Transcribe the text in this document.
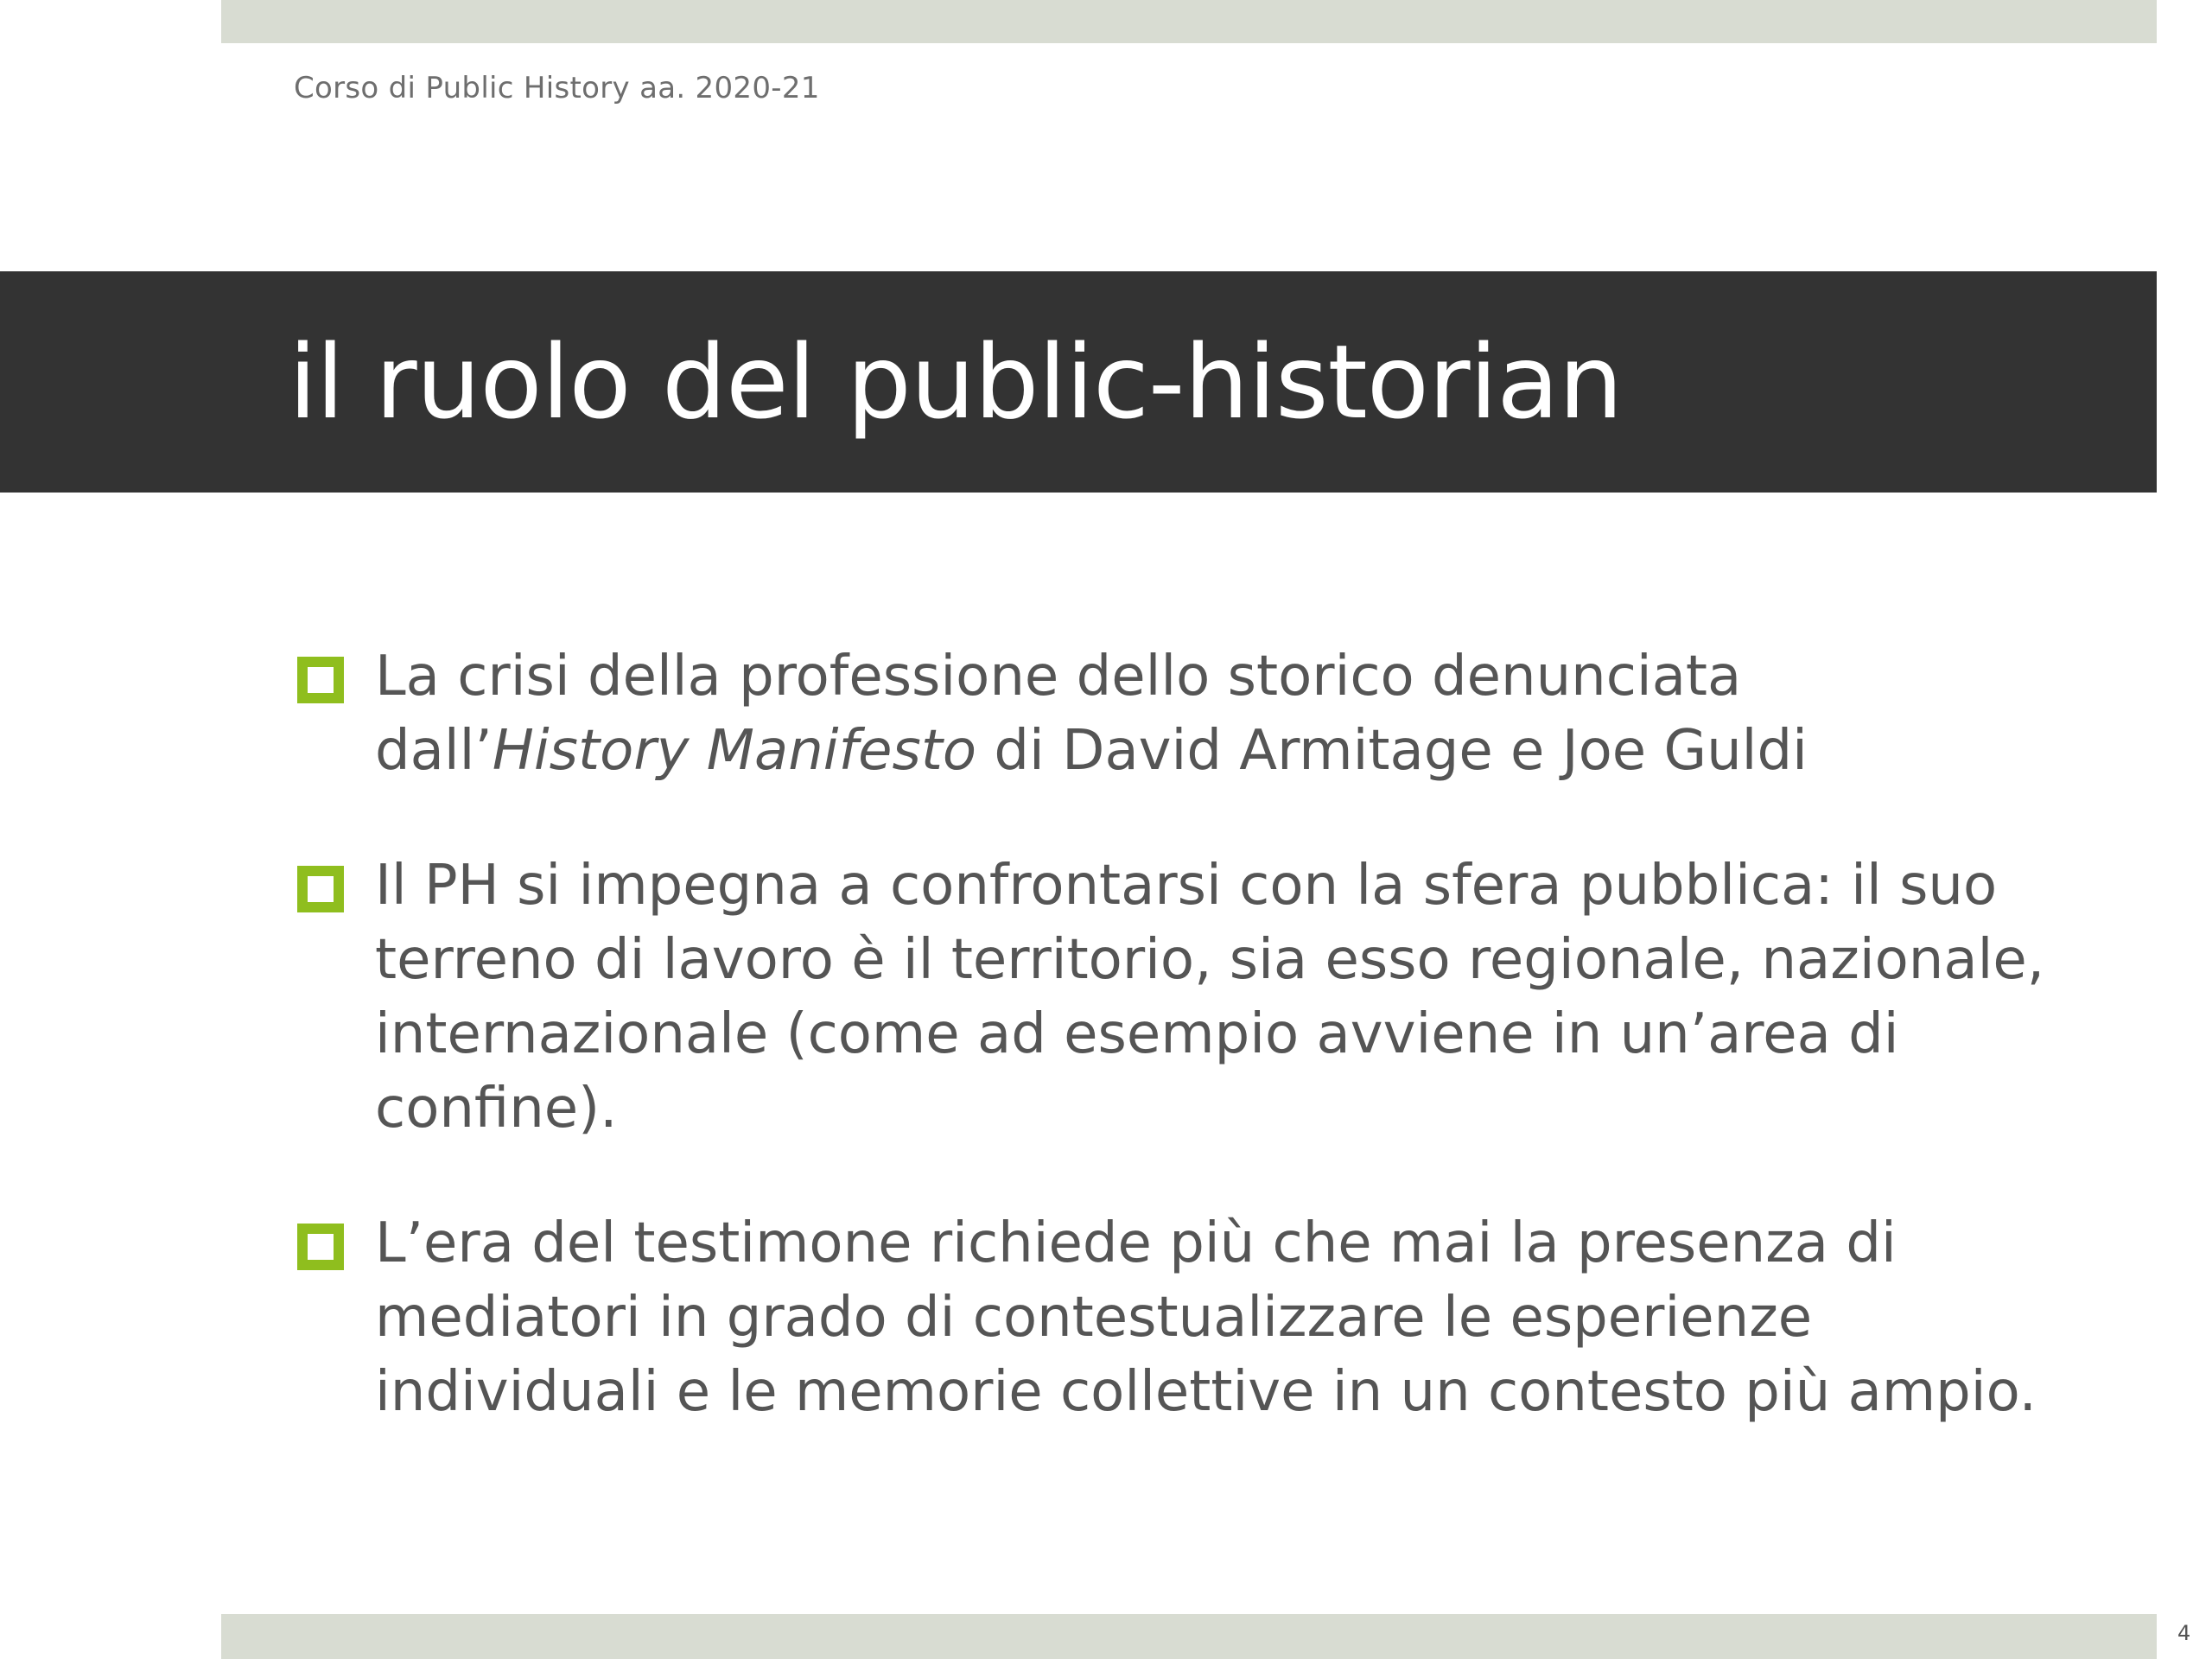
Corso di Public History aa. 2020-21
il ruolo del public-historian
La crisi della professione dello storico denunciata dall’History Manifesto di David Armitage e Joe Guldi
Il PH si impegna a confrontarsi con la sfera pubblica: il suo terreno di lavoro è il territorio, sia esso regionale, nazionale, internazionale (come ad esempio avviene in un’area di confine).
L’era del testimone richiede più che mai la presenza di mediatori in grado di contestualizzare le esperienze individuali e le memorie collettive in un contesto più ampio.
4
